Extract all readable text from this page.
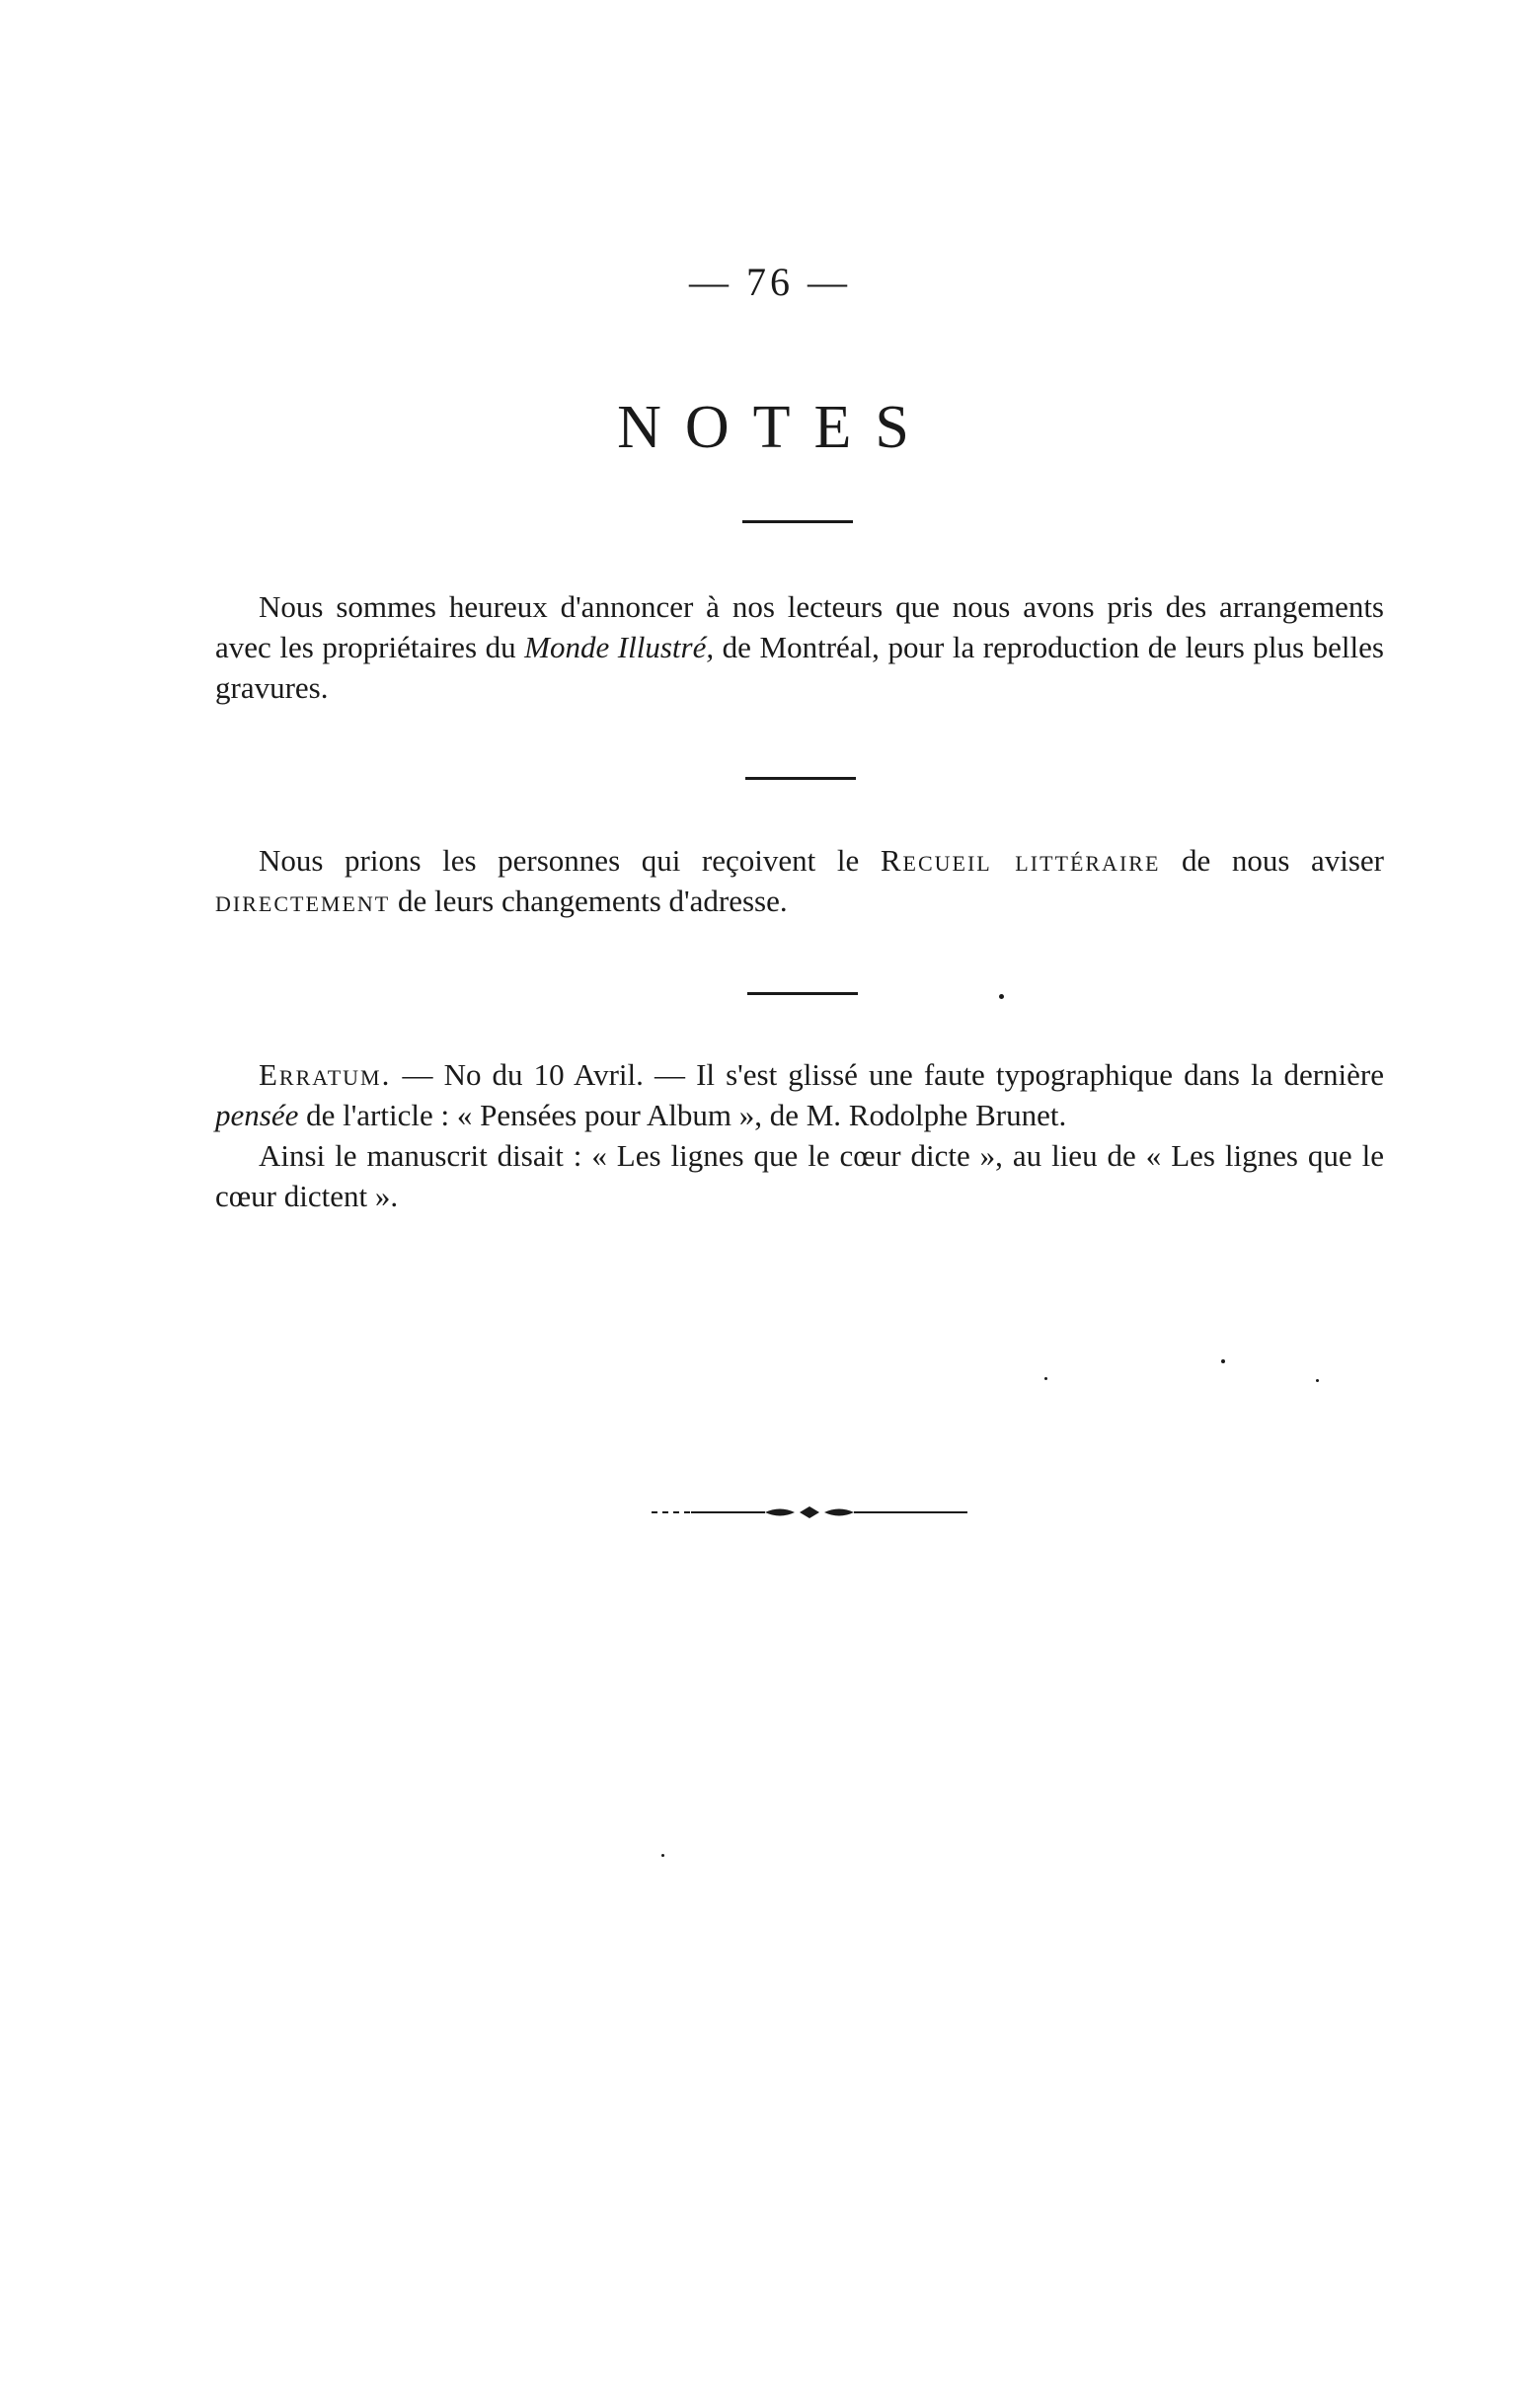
— 76 —
NOTES

Nous sommes heureux d'annoncer à nos lecteurs que nous avons pris des arrangements avec les propriétaires du Monde Illustré, de Montréal, pour la reproduction de leurs plus belles gravures.

Nous prions les personnes qui reçoivent le Recueil littéraire de nous aviser directement de leurs changements d'adresse.

Erratum. — No du 10 Avril. — Il s'est glissé une faute typographique dans la dernière pensée de l'article : « Pensées pour Album », de M. Rodolphe Brunet.
Ainsi le manuscrit disait : « Les lignes que le cœur dicte », au lieu de « Les lignes que le cœur dictent ».
